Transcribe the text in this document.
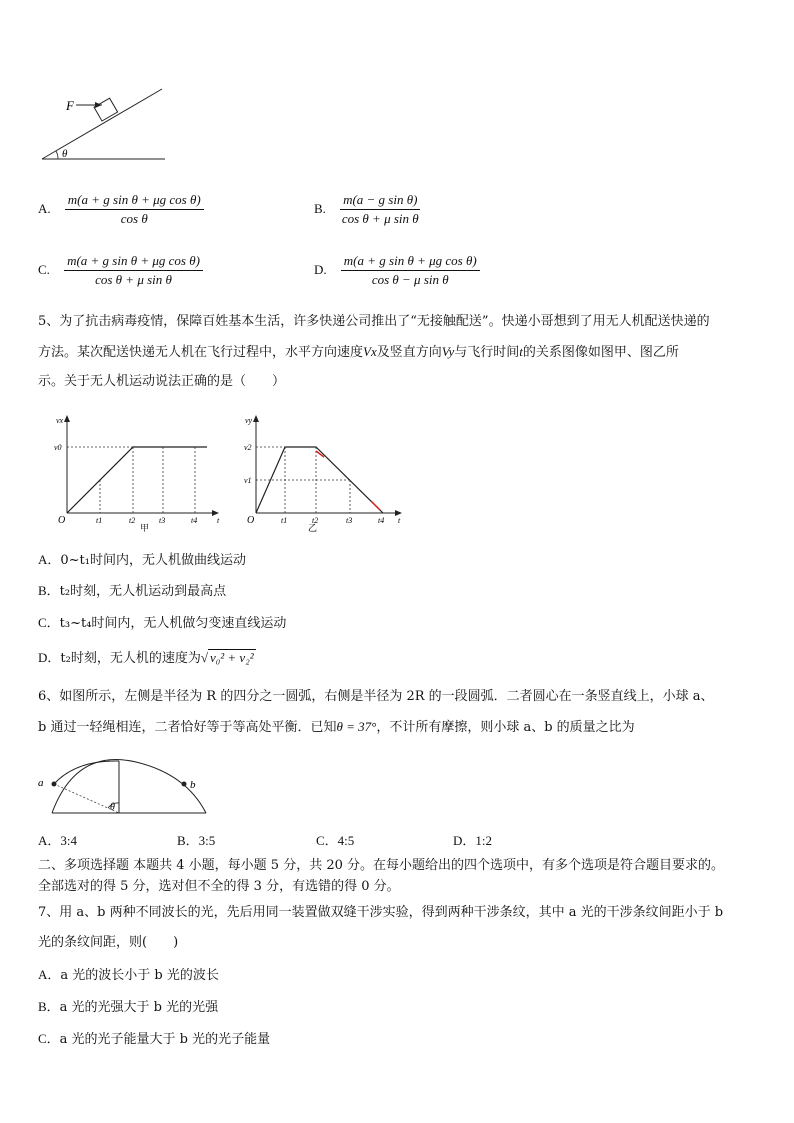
F
θ
A. $\frac{\text{m(a + g sin θ + μg cos θ)}}{\text{cos θ}}$	B. $\frac{\text{m(a − g sin θ)}}{\text{cos θ + μ sin θ}}$
C. $\frac{\text{m(a + g sin θ + μg cos θ)}}{\text{cos θ + μ sin θ}}$	D. $\frac{\text{m(a + g sin θ + μg cos θ)}}{\text{cos θ − μ sin θ}}$
5、为了抗击病毒疫情，保障百姓基本生活，许多快递公司推出了“无接触配送”。快递小哥想到了用无人机配送快递的
方法。某次配送快递无人机在飞行过程中，水平方向速度Vx及竖直方向Vy与飞行时间t的关系图像如图甲、图乙所
示。关于无人机运动说法正确的是（　　）
vx
v0
O	t1	t2	t3	t4 t
甲
vy
v2
v1
O	t1	t2	t3	t4 t
乙
A．0~t₁时间内，无人机做曲线运动
B．t₂时刻，无人机运动到最高点
C．t₃~t₄时间内，无人机做匀变速直线运动
D．t₂时刻，无人机的速度为√ v₀² + v₂²
6、如图所示，左侧是半径为 R 的四分之一圆弧，右侧是半径为 2R 的一段圆弧．二者圆心在一条竖直线上，小球 a、
b 通过一轻绳相连，二者恰好等于等高处平衡．已知θ = 37°，不计所有摩擦，则小球 a、b 的质量之比为
a	b
θ
A．3:4	B．3:5	C．4:5	D．1:2
二、多项选择题 本题共 4 小题，每小题 5 分，共 20 分。在每小题给出的四个选项中，有多个选项是符合题目要求的。
全部选对的得 5 分，选对但不全的得 3 分，有选错的得 0 分。
7、用 a、b 两种不同波长的光，先后用同一装置做双缝干涉实验，得到两种干涉条纹，其中 a 光的干涉条纹间距小于 b
光的条纹间距，则(　　)
A．a 光的波长小于 b 光的波长
B．a 光的光强大于 b 光的光强
C．a 光的光子能量大于 b 光的光子能量
